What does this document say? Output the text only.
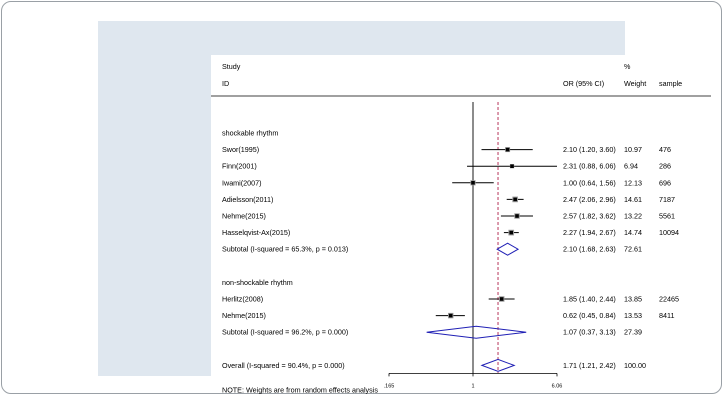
Study
ID
%
OR (95% CI)	Weight sample
shockable rhythm
Swor(1995)	2.10 (1.20, 3.60) 10.97 476
Finn(2001)	2.31 (0.88, 6.06) 6.94	286
Iwami(2007)	1.00 (0.64, 1.56) 12.13 696
Adielsson(2011)	2.47 (2.06, 2.96) 14.61 7187
Nehme(2015)	2.57 (1.82, 3.62) 13.22 5561
Hasselqvist-Ax(2015)	2.27 (1.94, 2.67) 14.74 10094
Subtotal (I-squared = 65.3%, p = 0.013)	2.10 (1.68, 2.63) 72.61
non-shockable rhythm
Herlitz(2008)	1.85 (1.40, 2.44) 13.85 22465
Nehme(2015)	0.62 (0.45, 0.84) 13.53 8411
Subtotal (I-squared = 96.2%, p = 0.000)	1.07 (0.37, 3.13) 27.39
Overall (I-squared = 90.4%, p = 0.000)	1.71 (1.21, 2.42) 100.00
NOTE: Weights are from random effects analysis .165	1	6.06
